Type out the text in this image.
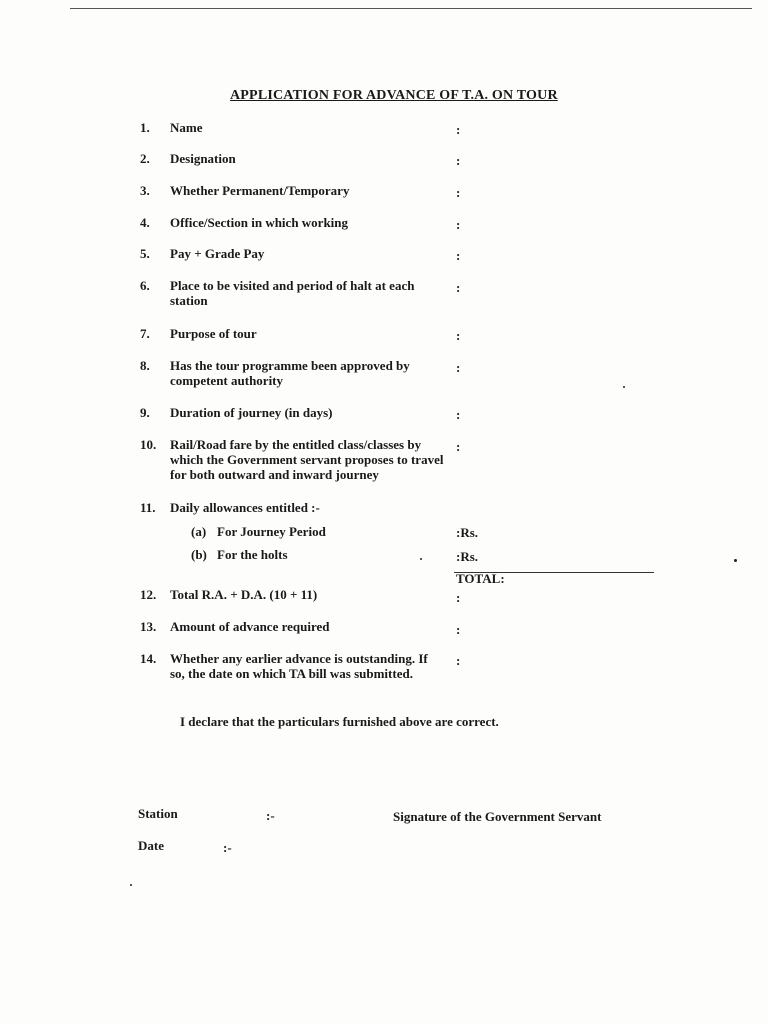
APPLICATION FOR ADVANCE OF T.A. ON TOUR
1. Name	:
2. Designation	:
3. Whether Permanent/Temporary	:
4. Office/Section in which working	:
5. Pay + Grade Pay	:
6. Place to be visited and period of halt at each station
:
7. Purpose of tour	:
8. Has the tour programme been approved by competent authority
:
9. Duration of journey (in days)	:
10. Rail/Road fare by the entitled class/classes by which the Government servant proposes to travel for both outward and inward journey
:
11. Daily allowances entitled :-
(a) For Journey Period	:Rs.
(b) For the holts	:Rs.
TOTAL:
12. Total R.A. + D.A. (10 + 11)	:
13. Amount of advance required	:
14. Whether any earlier advance is outstanding. If so, the date on which TA bill was submitted.
:
I declare that the particulars furnished above are correct.
Station	:-	Signature of the Government Servant
Date	:-
